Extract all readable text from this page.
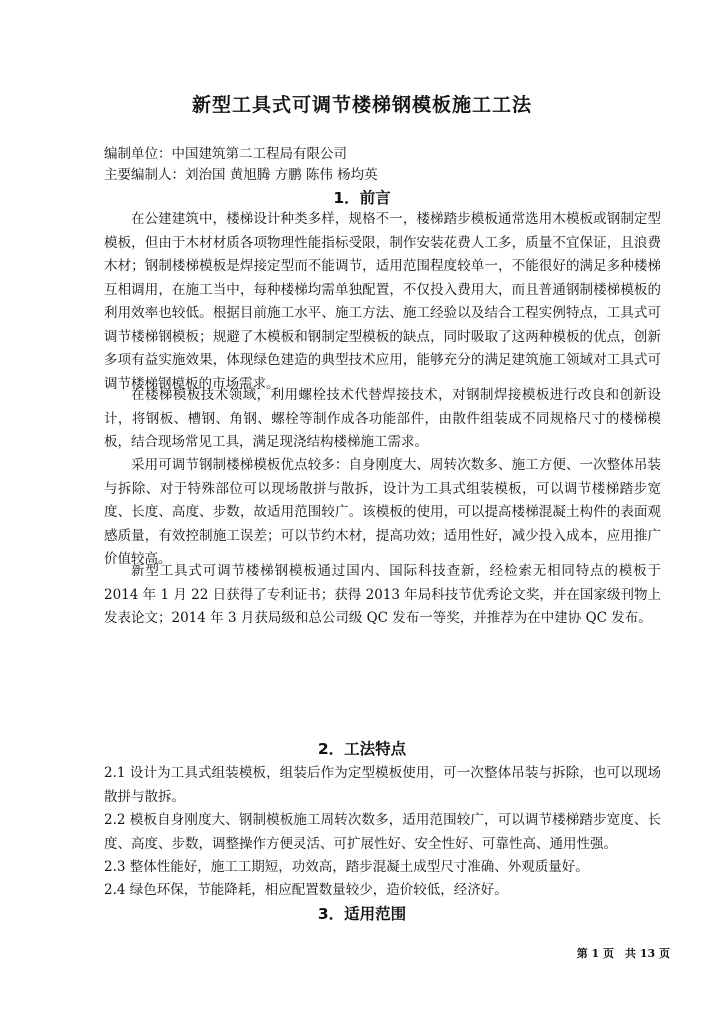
新型工具式可调节楼梯钢模板施工工法
编制单位：中国建筑第二工程局有限公司
主要编制人：刘治国 黄旭腾 方鹏 陈伟 杨均英
1．前言

在公建建筑中，楼梯设计种类多样，规格不一，楼梯踏步模板通常选用木模板或钢制定型模板，但由于木材材质各项物理性能指标受限，制作安装花费人工多，质量不宜保证，且浪费木材；钢制楼梯模板是焊接定型而不能调节，适用范围程度较单一，不能很好的满足多种楼梯互相调用，在施工当中，每种楼梯均需单独配置，不仅投入费用大，而且普通钢制楼梯模板的利用效率也较低。根据目前施工水平、施工方法、施工经验以及结合工程实例特点，工具式可调节楼梯钢模板；规避了木模板和钢制定型模板的缺点，同时吸取了这两种模板的优点，创新多项有益实施效果，体现绿色建造的典型技术应用，能够充分的满足建筑施工领域对工具式可调节楼梯钢模板的市场需求。

在楼梯模板技术领域，利用螺栓技术代替焊接技术，对钢制焊接模板进行改良和创新设计，将钢板、槽钢、角钢、螺栓等制作成各功能部件，由散件组装成不同规格尺寸的楼梯模板，结合现场常见工具，满足现浇结构楼梯施工需求。

采用可调节钢制楼梯模板优点较多：自身刚度大、周转次数多、施工方便、一次整体吊装与拆除、对于特殊部位可以现场散拼与散拆，设计为工具式组装模板，可以调节楼梯踏步宽度、长度、高度、步数，故适用范围较广。该模板的使用，可以提高楼梯混凝土构件的表面观感质量，有效控制施工误差；可以节约木材，提高功效；适用性好，减少投入成本，应用推广价值较高。

新型工具式可调节楼梯钢模板通过国内、国际科技查新，经检索无相同特点的模板于 2014 年 1 月 22 日获得了专利证书；获得 2013 年局科技节优秀论文奖，并在国家级刊物上发表论文；2014 年 3 月获局级和总公司级 QC 发布一等奖，并推荐为在中建协 QC 发布。

2．工法特点

2.1 设计为工具式组装模板，组装后作为定型模板使用，可一次整体吊装与拆除，也可以现场散拼与散拆。

2.2 模板自身刚度大、钢制模板施工周转次数多，适用范围较广，可以调节楼梯踏步宽度、长度、高度、步数，调整操作方便灵活、可扩展性好、安全性好、可靠性高、通用性强。

2.3 整体性能好，施工工期短，功效高，踏步混凝土成型尺寸准确、外观质量好。

2.4 绿色环保，节能降耗，相应配置数量较少，造价较低，经济好。

3．适用范围
第 1 页　共 13 页
